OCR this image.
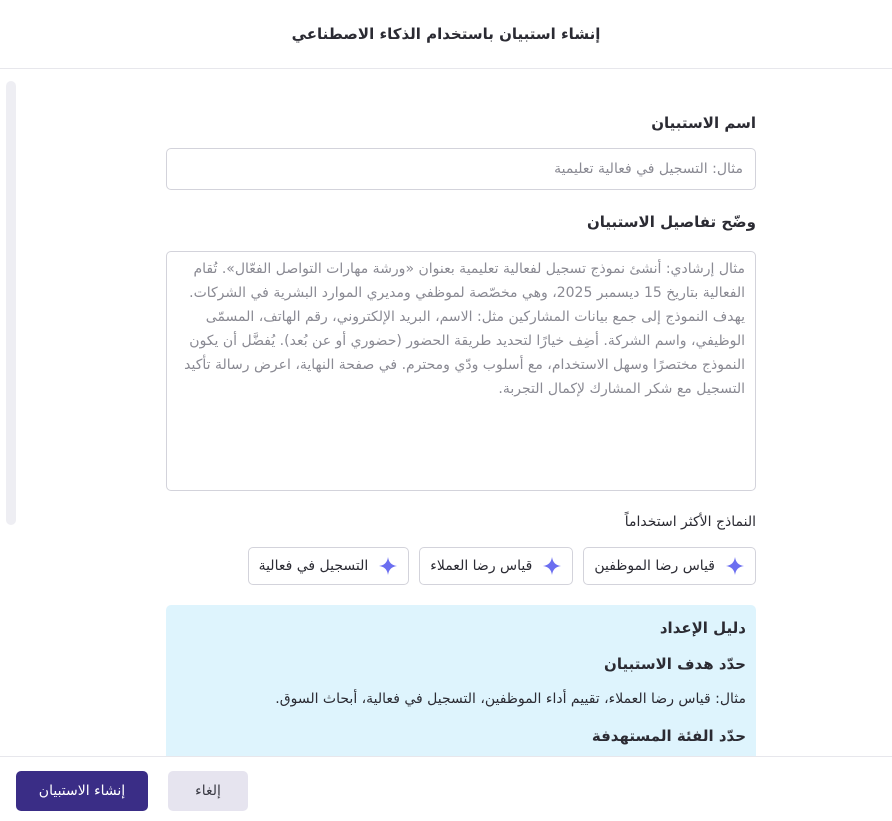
إنشاء استبيان باستخدام الذكاء الاصطناعي
اسم الاستبيان
مثال: التسجيل في فعالية تعليمية
وضّح تفاصيل الاستبيان
مثال إرشادي: أنشئ نموذج تسجيل لفعالية تعليمية بعنوان «ورشة مهارات التواصل الفعّال». تُقام الفعالية بتاريخ 15 ديسمبر 2025، وهي مخصّصة لموظفي ومديري الموارد البشرية في الشركات. يهدف النموذج إلى جمع بيانات المشاركين مثل: الاسم، البريد الإلكتروني، رقم الهاتف، المسمّى الوظيفي، واسم الشركة. أضِف خيارًا لتحديد طريقة الحضور (حضوري أو عن بُعد). يُفضَّل أن يكون النموذج مختصرًا وسهل الاستخدام، مع أسلوب ودّي ومحترم. في صفحة النهاية، اعرض رسالة تأكيد التسجيل مع شكر المشارك لإكمال التجربة.
النماذج الأكثر استخداماً
قياس رضا الموظفين
قياس رضا العملاء
التسجيل في فعالية
دليل الإعداد
حدّد هدف الاستبيان
مثال: قياس رضا العملاء، تقييم أداء الموظفين، التسجيل في فعالية، أبحاث السوق.
حدّد الفئة المستهدفة
إنشاء الاستبيان	إلغاء
